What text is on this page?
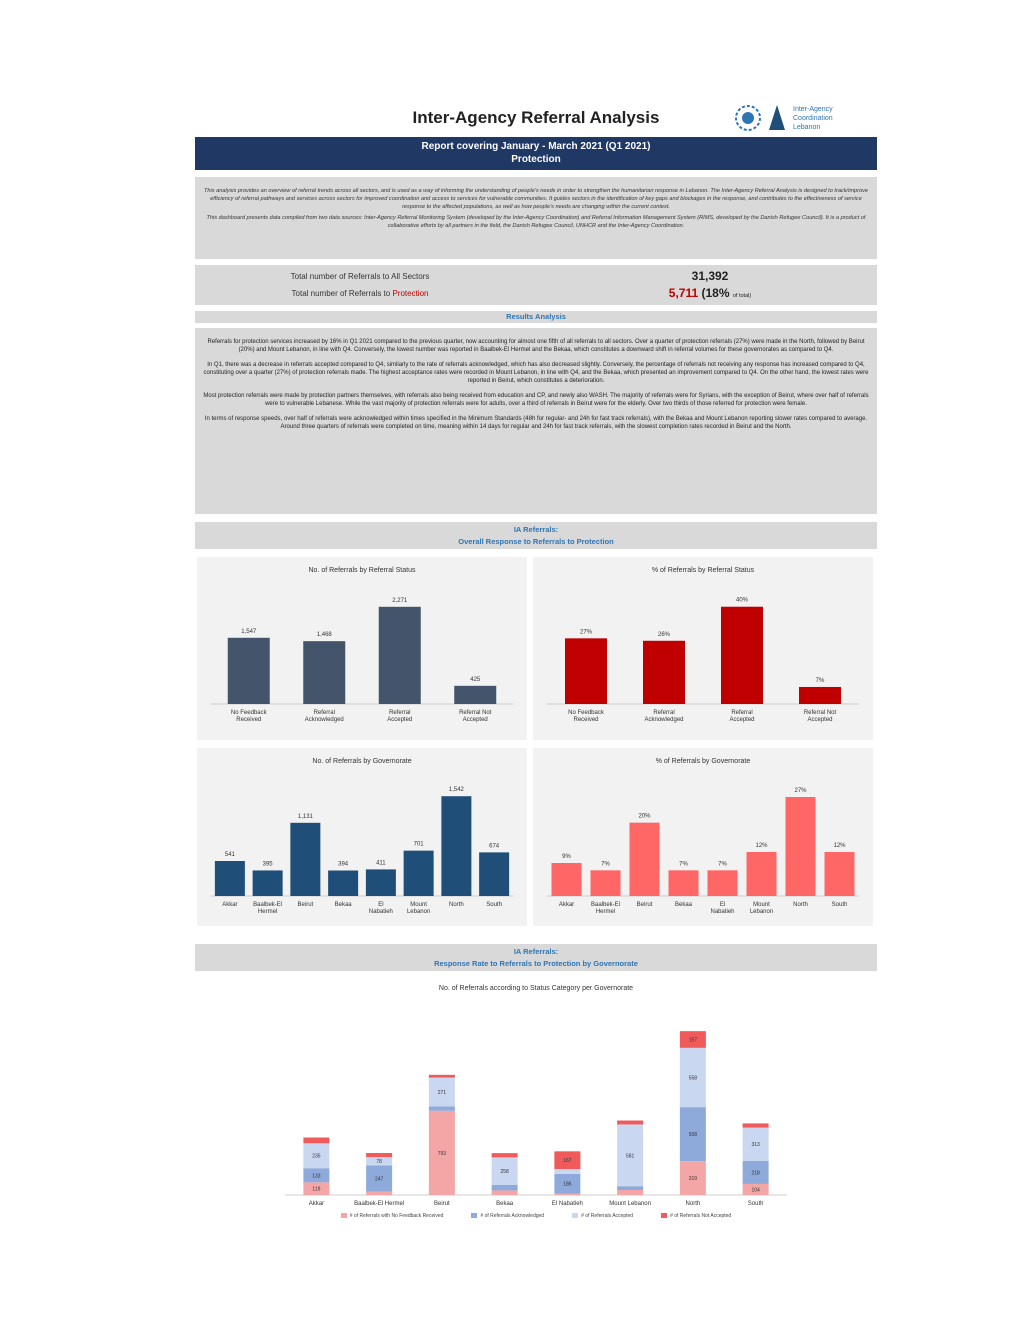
Inter-Agency Referral Analysis	Inter-Agency
Coordination
Lebanon
Report covering January - March 2021 (Q1 2021)
Protection

This analysis provides an overview of referral trends across all sectors, and is used as a way of informing the understanding of people's needs in order to strengthen the humanitarian response in Lebanon. The Inter-Agency Referral Analysis is designed to track/improve efficiency of referral pathways and services across sectors for improved coordination and access to services for vulnerable communities. It guides sectors in the identification of key gaps and blockages in the response, and contributes to the effectiveness of service response to the affected populations, as well as how people's needs are changing within the current context.

This dashboard presents data compiled from two data sources: Inter-Agency Referral Monitoring System (developed by the Inter-Agency Coordination) and Referral Information Management System (RIMS, developed by the Danish Refugee Council). It is a product of collaborative efforts by all partners in the field, the Danish Refugee Council, UNHCR and the Inter-Agency Coordination.

Total number of Referrals to All Sectors	31,392
Total number of Referrals to Protection	5,711 (18% of total)
Results Analysis

Referrals for protection services increased by 16% in Q1 2021 compared to the previous quarter, now accounting for almost one fifth of all referrals to all sectors. Over a quarter of protection referrals (27%) were made in the North, followed by Beirut (20%) and Mount Lebanon, in line with Q4. Conversely, the lowest number was reported in Baalbek-El Hermel and the Bekaa, which constitutes a downward shift in referral volumes for these governorates as compared to Q4.

In Q1, there was a decrease in referrals accepted compared to Q4, similarly to the rate of referrals acknowledged, which has also decreased slightly. Conversely, the percentage of referrals not receiving any response has increased compared to Q4, constituting over a quarter (27%) of protection referrals made. The highest acceptance rates were recorded in Mount Lebanon, in line with Q4, and the Bekaa, which presented an improvement compared to Q4. On the other hand, the lowest rates were reported in Beirut, which constitutes a deterioration.

Most protection referrals were made by protection partners themselves, with referrals also being received from education and CP, and newly also WASH. The majority of referrals were for Syrians, with the exception of Beirut, where over half of referrals were to vulnerable Lebanese. While the vast majority of protection referrals were for adults, over a third of referrals in Beirut were for the elderly. Over two thirds of those referred for protection were female.

In terms of response speeds, over half of referrals were acknowledged within times specified in the Minimum Standards (48h for regular- and 24h for fast track referrals), with the Bekaa and Mount Lebanon reporting slower rates compared to average. Around three quarters of referrals were completed on time, meaning within 14 days for regular and 24h for fast track referrals, with the slowest completion rates recorded in Beirut and the North.

IA Referrals:
Overall Response to Referrals to Protection
No. of Referrals by Referral Status
1,547
No Feedback
Received
1,468
Referral
Acknowledged
2,271
Referral
Accepted
425
Referral Not
Accepted
% of Referrals by Referral Status
27%
No Feedback
Received
26%
Referral
Acknowledged
40%
Referral
Accepted
7%
Referral Not
Accepted
No. of Referrals by Governorate
541
Akkar
395
Baalbek-El
Hermel
1,131
Beirut
394
Bekaa
411
El
Nabatieh
701
Mount
Lebanon
1,542
North
674
South
% of Referrals by Governorate
9%
Akkar
7%
Baalbek-El
Hermel
20%
Beirut
7%
Bekaa
7%
El
Nabatieh
12%
Mount
Lebanon
27%
North
12%
South
IA Referrals:
Response Rate to Referrals to Protection by Governorate
No. of Referrals according to Status Category per Governorate
119
133
235
Akkar
247
78
Baalbek-El Hermel
793
271
Beirut
258
Bekaa
186
167
El Nabatieh
581
Mount Lebanon
319
508
558
157
North
104
218
313
South
# of Referrals with No Feedback Received	# of Referrals Acknowledged	# of Referrals Accepted	# of Referrals Not Accepted
